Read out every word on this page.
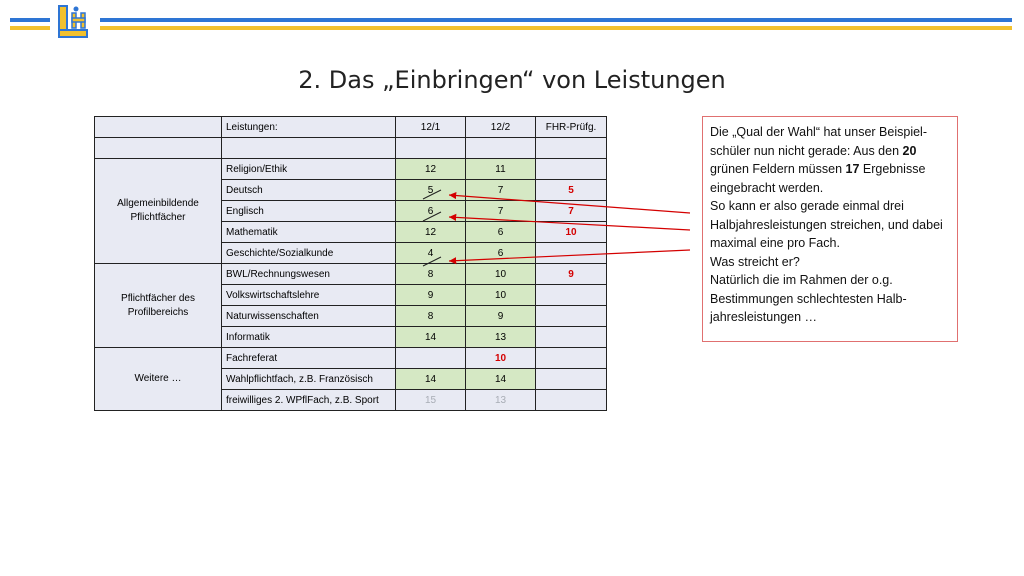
2. Das „Einbringen“ von Leistungen
	Leistungen:	12/1	12/2	FHR-Prüfg.

Allgemeinbildende Pflichtfächer	Religion/Ethik	12	11	
	Deutsch	5	7	5
	Englisch	6	7	7
	Mathematik	12	6	10
	Geschichte/Sozialkunde	4	6	
Pflichtfächer des Profilbereichs	BWL/Rechnungswesen	8	10	9
	Volkswirtschaftslehre	9	10	
	Naturwissenschaften	8	9	
	Informatik	14	13	
Weitere …	Fachreferat		10	
	Wahlpflichtfach, z.B. Französisch	14	14	
	freiwilliges 2. WPflFach, z.B. Sport	15	13	

Die „Qual der Wahl“ hat unser Beispiel-schüler nun nicht gerade: Aus den 20 grünen Feldern müssen 17 Ergebnisse eingebracht werden.

So kann er also gerade einmal drei Halbjahresleistungen streichen, und dabei maximal eine pro Fach.

Was streicht er?

Natürlich die im Rahmen der o.g. Bestimmungen schlechtesten Halb-jahresleistungen …
